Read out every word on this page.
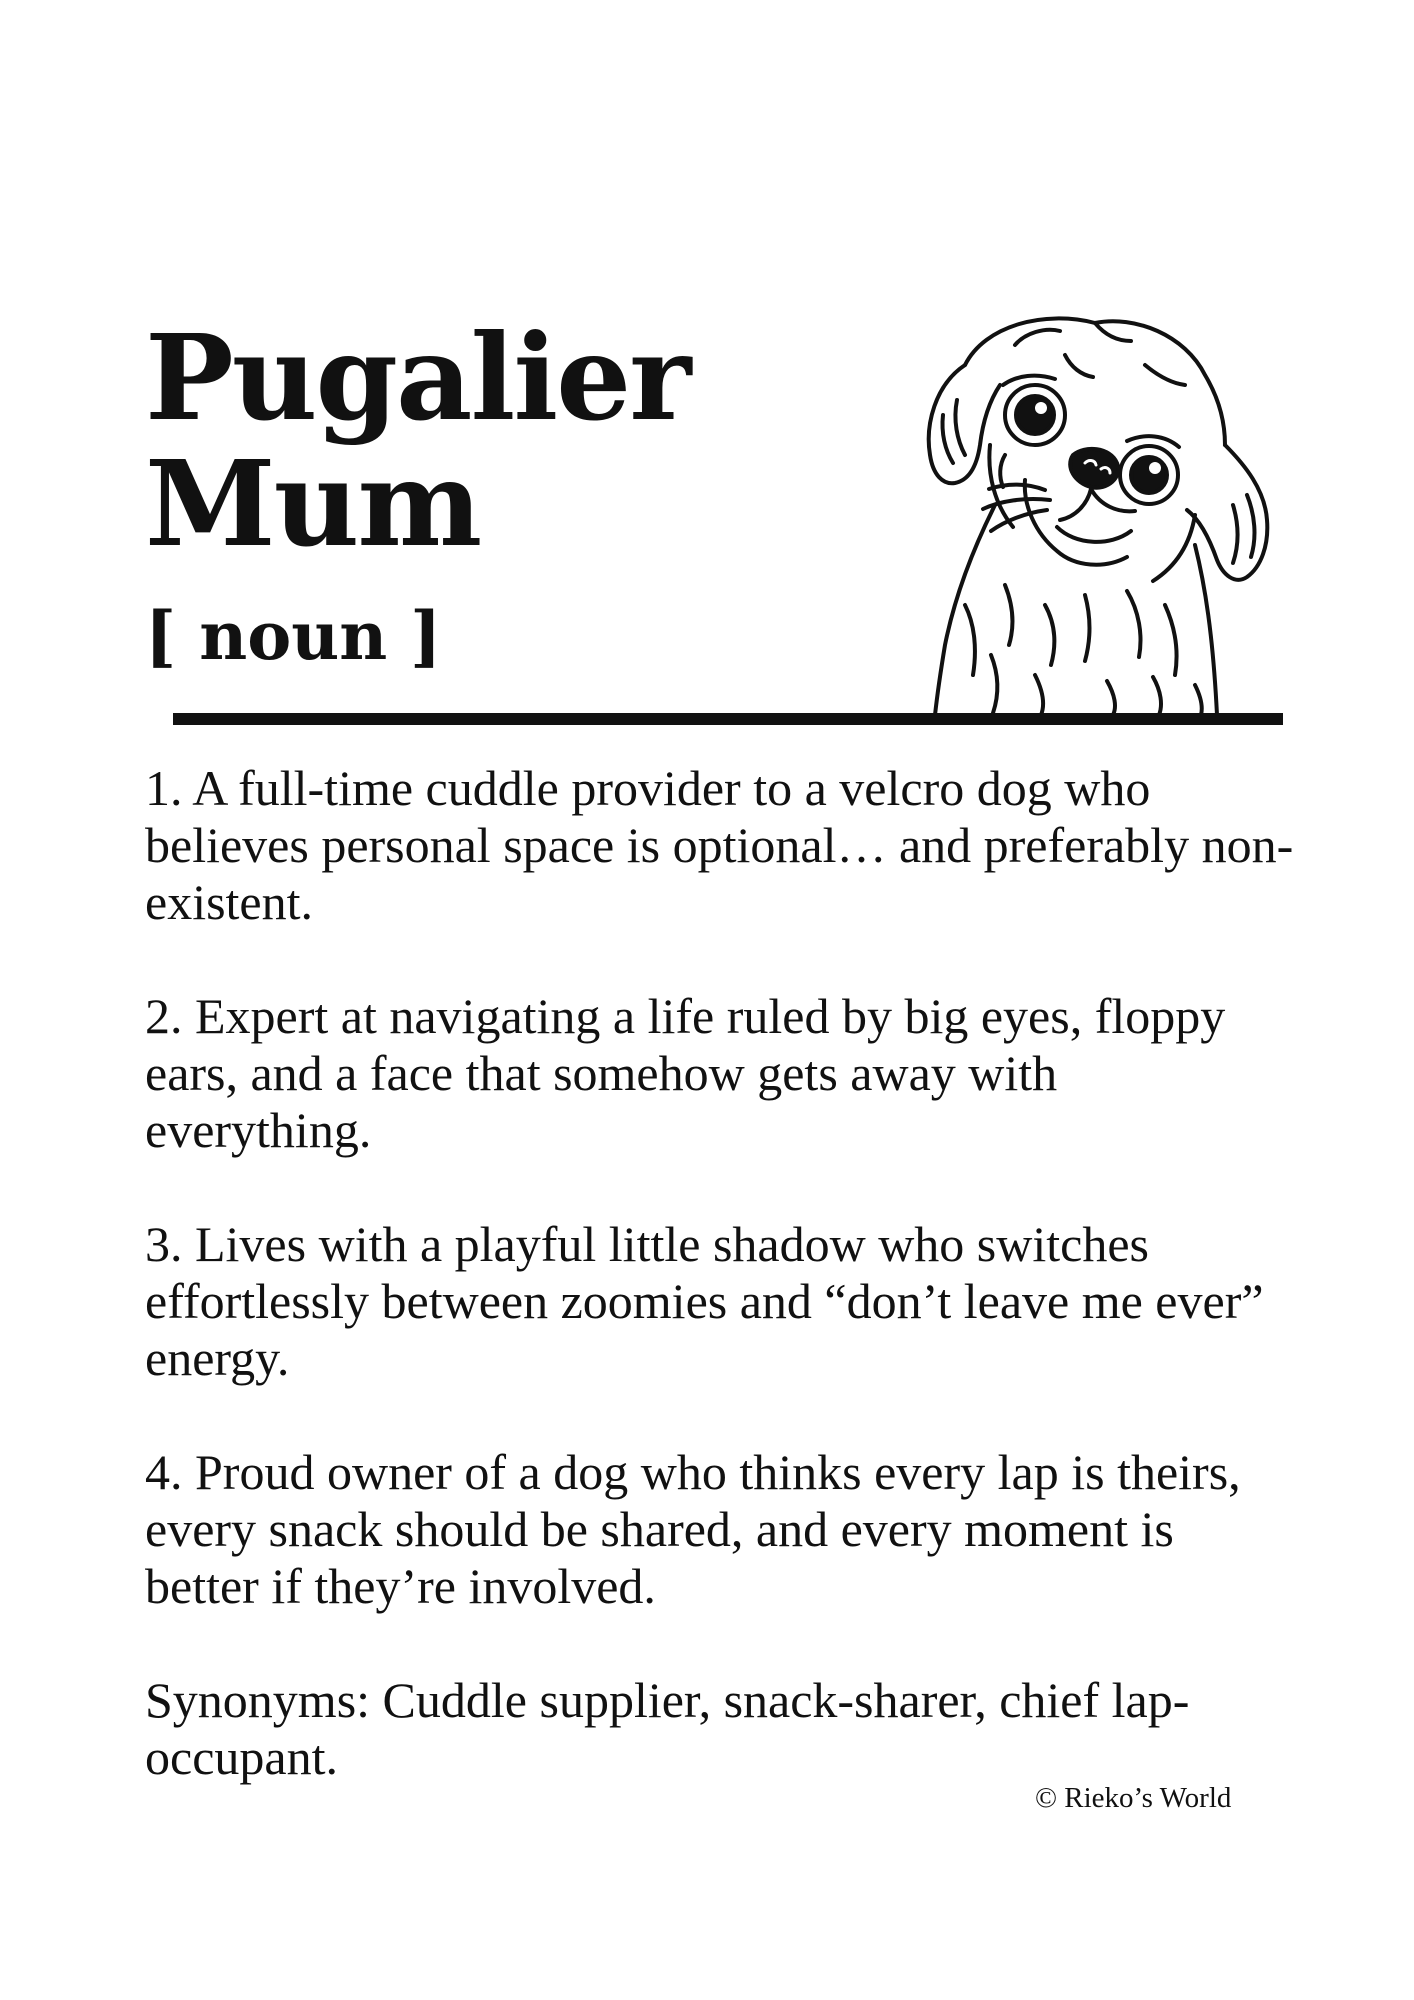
Pugalier
Mum
[ noun ]

1. A full-time cuddle provider to a velcro dog who believes personal space is optional… and preferably non-existent.

2. Expert at navigating a life ruled by big eyes, floppy ears, and a face that somehow gets away with everything.

3. Lives with a playful little shadow who switches effortlessly between zoomies and “don’t leave me ever” energy.

4. Proud owner of a dog who thinks every lap is theirs, every snack should be shared, and every moment is better if they’re involved.

Synonyms: Cuddle supplier, snack-sharer, chief lap-occupant.

© Rieko’s World
